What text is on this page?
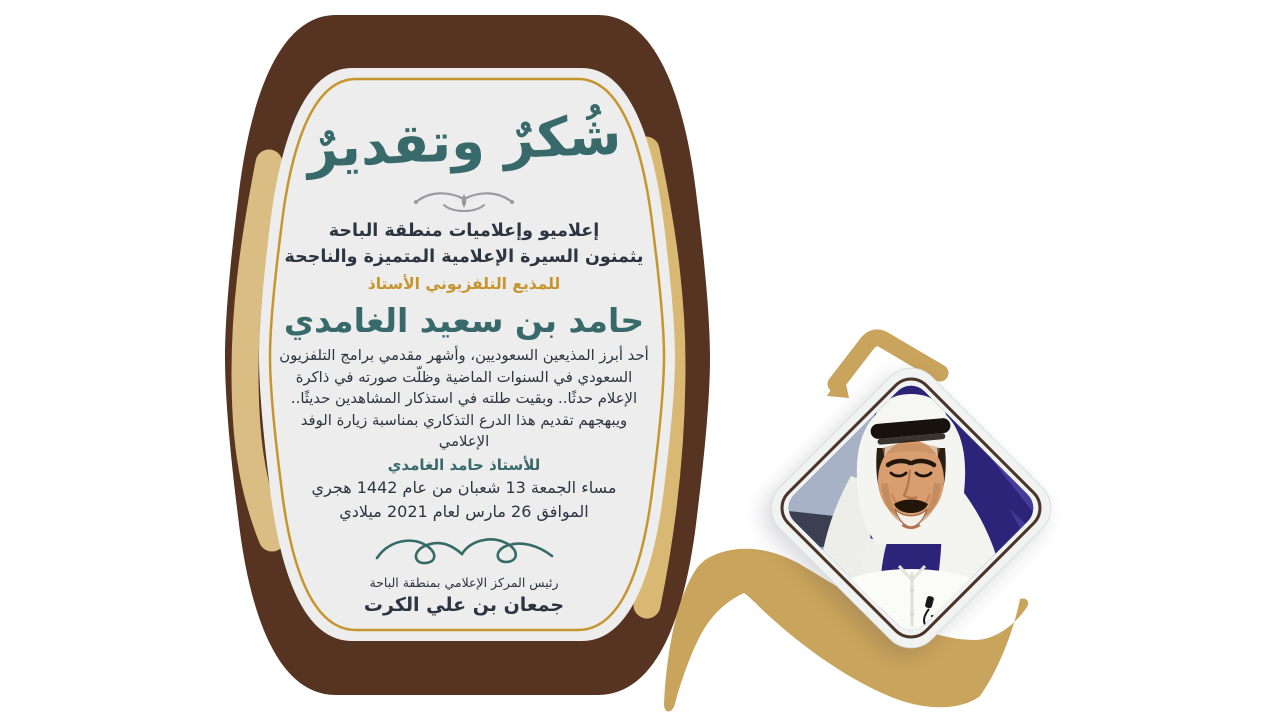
شُكرٌ وتقديرٌ
إعلاميو وإعلاميات منطقة الباحة
يثمنون السيرة الإعلامية المتميزة والناجحة
للمذيع التلفزيوني الأستاذ
حامد بن سعيد الغامدي
أحد أبرز المذيعين السعوديين، وأشهر مقدمي برامج التلفزيون السعودي في السنوات الماضية وظلّت صورته في ذاكرة الإعلام حدثًا.. وبقيت طلته في استذكار المشاهدين حديثًا.. ويبهجهم تقديم هذا الدرع التذكاري بمناسبة زيارة الوفد الإعلامي
للأستاذ حامد الغامدي
مساء الجمعة 13 شعبان من عام 1442 هجري
الموافق 26 مارس لعام 2021 ميلادي
رئيس المركز الإعلامي بمنطقة الباحة
جمعان بن علي الكرت
